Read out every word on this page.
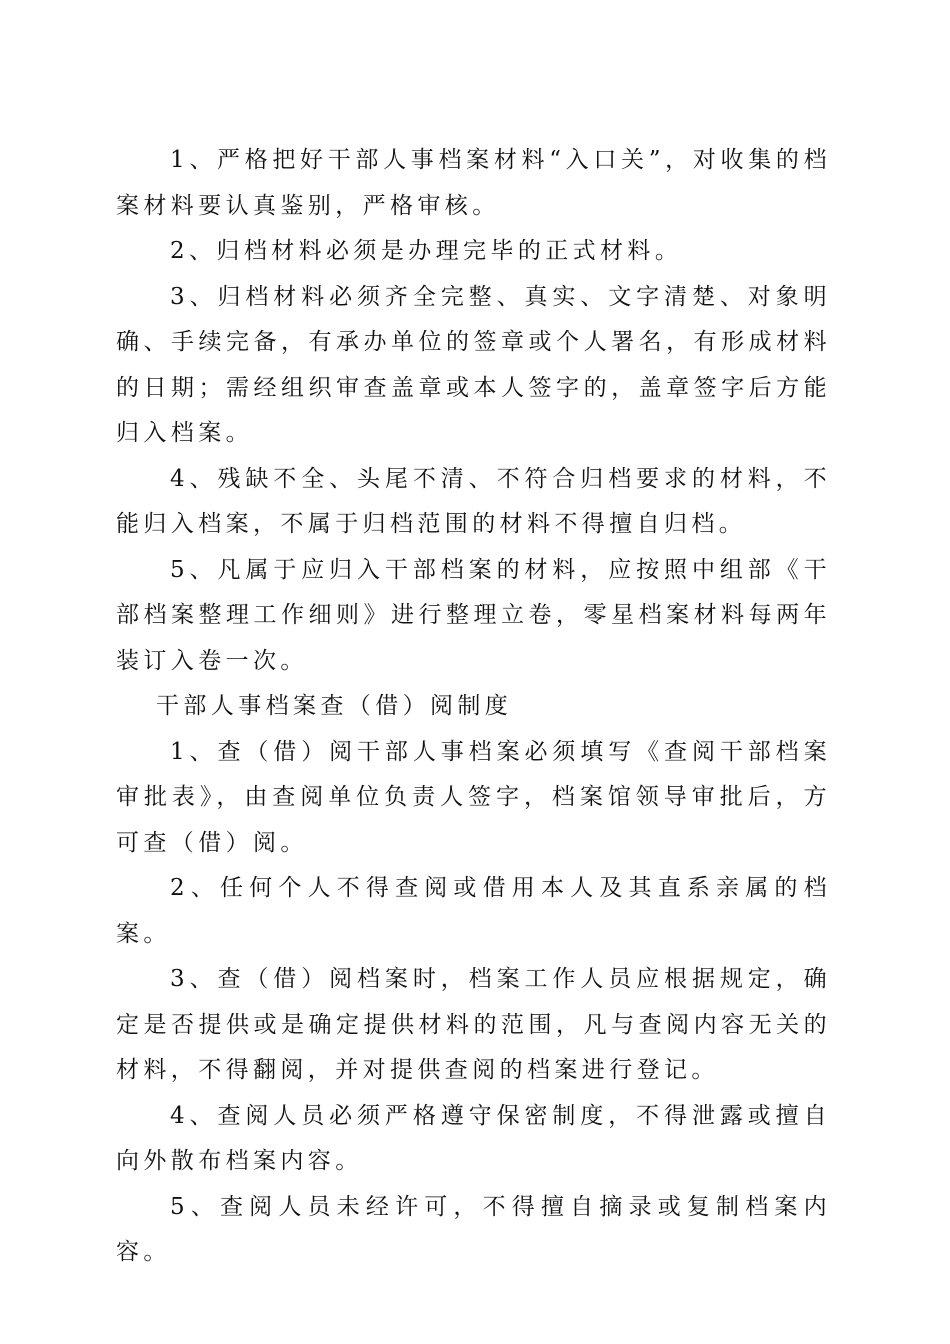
1、严格把好干部人事档案材料“入口关”，对收集的档案材料要认真鉴别，严格审核。

2、归档材料必须是办理完毕的正式材料。

3、归档材料必须齐全完整、真实、文字清楚、对象明确、手续完备，有承办单位的签章或个人署名，有形成材料的日期；需经组织审查盖章或本人签字的，盖章签字后方能归入档案。

4、残缺不全、头尾不清、不符合归档要求的材料，不能归入档案，不属于归档范围的材料不得擅自归档。

5、凡属于应归入干部档案的材料，应按照中组部《干部档案整理工作细则》进行整理立卷，零星档案材料每两年装订入卷一次。

干部人事档案查（借）阅制度

1、查（借）阅干部人事档案必须填写《查阅干部档案审批表》，由查阅单位负责人签字，档案馆领导审批后，方可查（借）阅。

2、任何个人不得查阅或借用本人及其直系亲属的档案。

3、查（借）阅档案时，档案工作人员应根据规定，确定是否提供或是确定提供材料的范围，凡与查阅内容无关的材料，不得翻阅，并对提供查阅的档案进行登记。

4、查阅人员必须严格遵守保密制度，不得泄露或擅自向外散布档案内容。

5、查阅人员未经许可，不得擅自摘录或复制档案内容。
